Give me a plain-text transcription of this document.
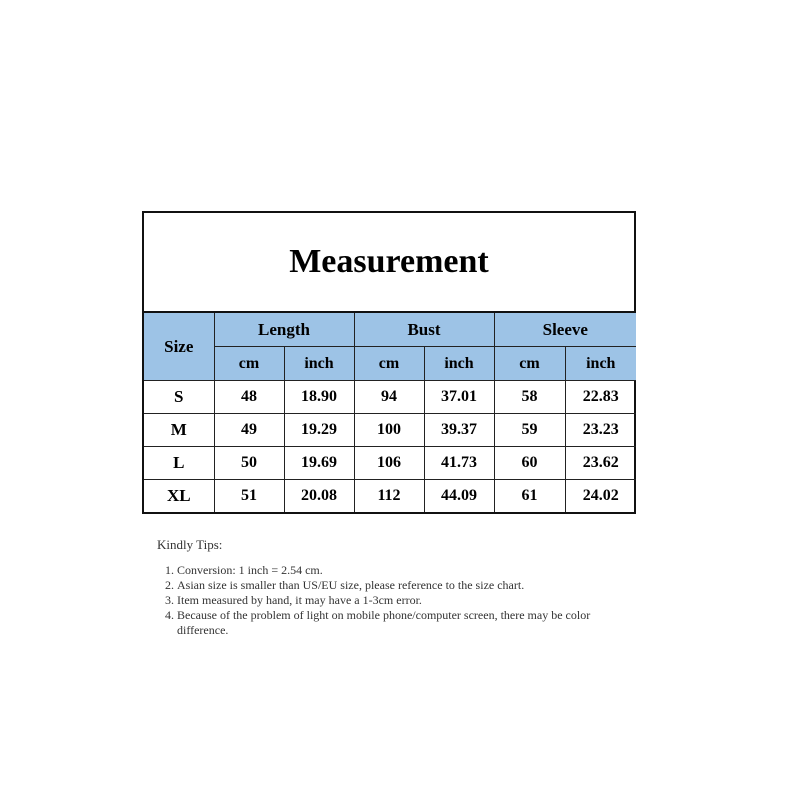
Measurement
Size	Length		Bust		Sleeve	
	cm	inch	cm	inch	cm	inch
S	48	18.90	94	37.01	58	22.83
M	49	19.29	100	39.37	59	23.23
L	50	19.69	106	41.73	60	23.62
XL	51	20.08	112	44.09	61	24.02
Kindly Tips:
1. Conversion: 1 inch = 2.54 cm.
2. Asian size is smaller than US/EU size, please reference to the size chart.
3. Item measured by hand, it may have a 1-3cm error.
4. Because of the problem of light on mobile phone/computer screen, there may be color difference.
